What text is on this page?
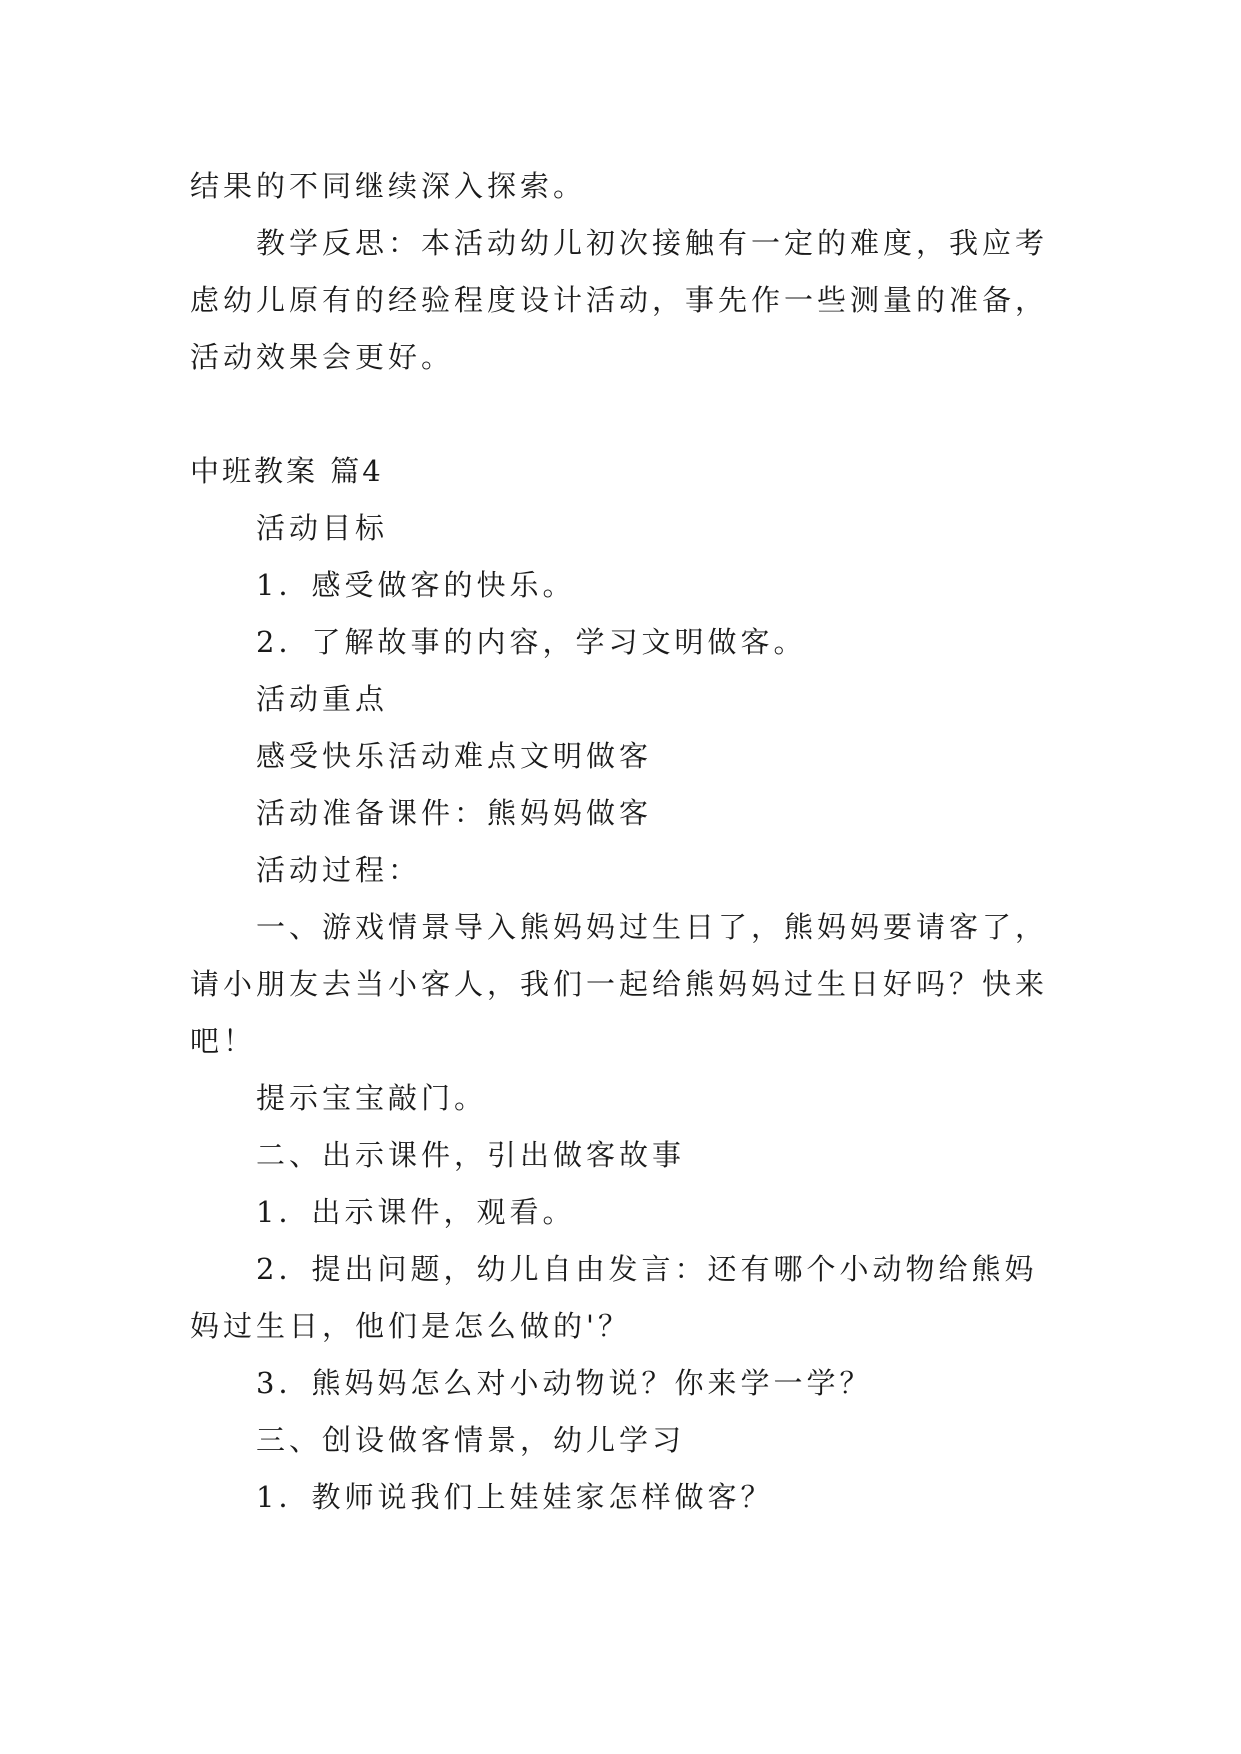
结果的不同继续深入探索。

教学反思：本活动幼儿初次接触有一定的难度，我应考

虑幼儿原有的经验程度设计活动，事先作一些测量的准备，

活动效果会更好。

中班教案 篇4

活动目标

1．感受做客的快乐。

2．了解故事的内容，学习文明做客。

活动重点

感受快乐活动难点文明做客

活动准备课件：熊妈妈做客

活动过程：

一、游戏情景导入熊妈妈过生日了，熊妈妈要请客了，

请小朋友去当小客人，我们一起给熊妈妈过生日好吗？快来

吧！

提示宝宝敲门。

二、出示课件，引出做客故事

1．出示课件，观看。

2．提出问题，幼儿自由发言：还有哪个小动物给熊妈

妈过生日，他们是怎么做的'？

3．熊妈妈怎么对小动物说？你来学一学？

三、创设做客情景，幼儿学习

1．教师说我们上娃娃家怎样做客？
